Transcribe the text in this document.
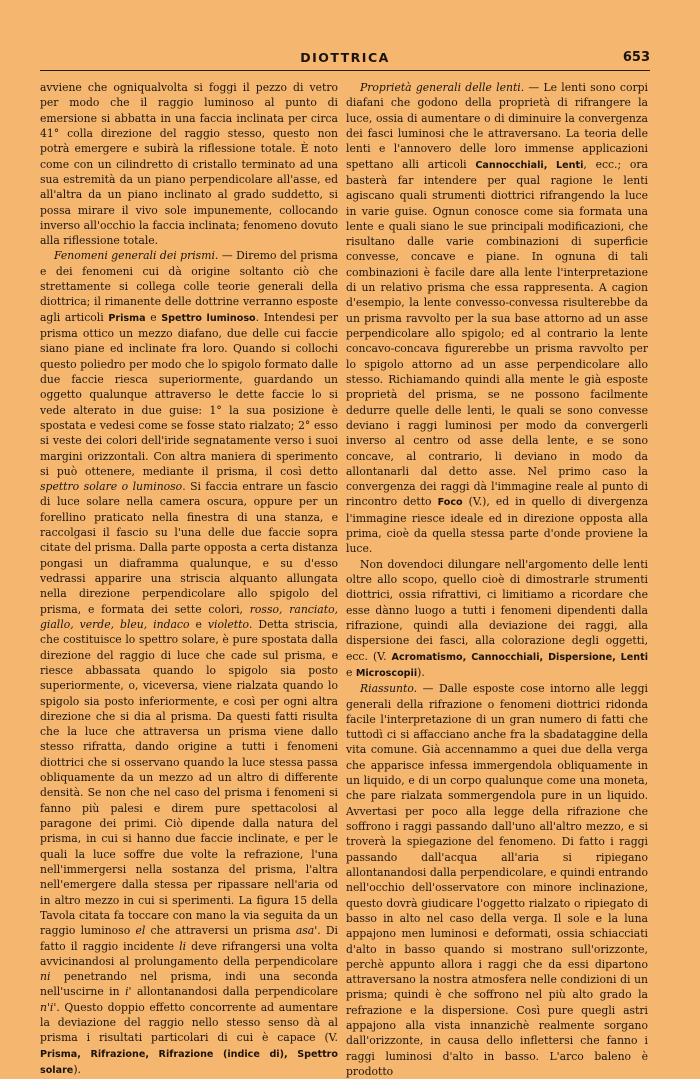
DIOTTRICA	653

avviene che ogniqualvolta si foggi il pezzo di vetro per modo che il raggio luminoso al punto di emersione si abbatta in una faccia inclinata per circa 41° colla direzione del raggio stesso, questo non potrà emergere e subirà la riflessione totale. È noto come con un cilindretto di cristallo terminato ad una sua estremità da un piano perpendicolare all'asse, ed all'altra da un piano inclinato al grado suddetto, si possa mirare il vivo sole impunemente, collocando inverso all'occhio la faccia inclinata; fenomeno dovuto alla riflessione totale.

Fenomeni generali dei prismi. — Diremo del prisma e dei fenomeni cui dà origine soltanto ciò che strettamente si collega colle teorie generali della diottrica; il rimanente delle dottrine verranno esposte agli articoli Prisma e Spettro luminoso. Intendesi per prisma ottico un mezzo diafano, due delle cui faccie siano piane ed inclinate fra loro. Quando si collochi questo poliedro per modo che lo spigolo formato dalle due faccie riesca superiormente, guardando un oggetto qualunque attraverso le dette faccie lo si vede alterato in due guise: 1° la sua posizione è spostata e vedesi come se fosse stato rialzato; 2° esso si veste dei colori dell'iride segnatamente verso i suoi margini orizzontali. Con altra maniera di sperimento si può ottenere, mediante il prisma, il così detto spettro solare o luminoso. Si faccia entrare un fascio di luce solare nella camera oscura, oppure per un forellino praticato nella finestra di una stanza, e raccolgasi il fascio su l'una delle due faccie sopra citate del prisma. Dalla parte opposta a certa distanza pongasi un diaframma qualunque, e su d'esso vedrassi apparire una striscia alquanto allungata nella direzione perpendicolare allo spigolo del prisma, e formata dei sette colori, rosso, ranciato, giallo, verde, bleu, indaco e violetto. Detta striscia, che costituisce lo spettro solare, è pure spostata dalla direzione del raggio di luce che cade sul prisma, e riesce abbassata quando lo spigolo sia posto superiormente, o, viceversa, viene rialzata quando lo spigolo sia posto inferiormente, e così per ogni altra direzione che si dia al prisma. Da questi fatti risulta che la luce che attraversa un prisma viene dallo stesso rifratta, dando origine a tutti i fenomeni diottrici che si osservano quando la luce stessa passa obliquamente da un mezzo ad un altro di differente densità. Se non che nel caso del prisma i fenomeni si fanno più palesi e direm pure spettacolosi al paragone dei primi. Ciò dipende dalla natura del prisma, in cui si hanno due faccie inclinate, e per le quali la luce soffre due volte la refrazione, l'una nell'immergersi nella sostanza del prisma, l'altra nell'emergere dalla stessa per ripassare nell'aria od in altro mezzo in cui si sperimenti. La figura 15 della Tavola citata fa toccare con mano la via seguita da un raggio luminoso el che attraversi un prisma asa'. Di fatto il raggio incidente li deve rifrangersi una volta avvicinandosi al prolungamento della perpendicolare ni penetrando nel prisma, indi una seconda nell'uscirne in i' allontanandosi dalla perpendicolare n'i'. Questo doppio effetto concorrente ad aumentare la deviazione del raggio nello stesso senso dà al prisma i risultati particolari di cui è capace (V. Prisma, Rifrazione, Rifrazione (indice di), Spettro solare).

Proprietà generali delle lenti. — Le lenti sono corpi diafani che godono della proprietà di rifrangere la luce, ossia di aumentare o di diminuire la convergenza dei fasci luminosi che le attraversano. La teoria delle lenti e l'annovero delle loro immense applicazioni spettano alli articoli Cannocchiali, Lenti, ecc.; ora basterà far intendere per qual ragione le lenti agiscano quali strumenti diottrici rifrangendo la luce in varie guise. Ognun conosce come sia formata una lente e quali siano le sue principali modificazioni, che risultano dalle varie combinazioni di superficie convesse, concave e piane. In ognuna di tali combinazioni è facile dare alla lente l'interpretazione di un relativo prisma che essa rappresenta. A cagion d'esempio, la lente convesso-convessa risulterebbe da un prisma ravvolto per la sua base attorno ad un asse perpendicolare allo spigolo; ed al contrario la lente concavo-concava figurerebbe un prisma ravvolto per lo spigolo attorno ad un asse perpendicolare allo stesso. Richiamando quindi alla mente le già esposte proprietà del prisma, se ne possono facilmente dedurre quelle delle lenti, le quali se sono convesse deviano i raggi luminosi per modo da convergerli inverso al centro od asse della lente, e se sono concave, al contrario, li deviano in modo da allontanarli dal detto asse. Nel primo caso la convergenza dei raggi dà l'immagine reale al punto di rincontro detto Foco (V.), ed in quello di divergenza l'immagine riesce ideale ed in direzione opposta alla prima, cioè da quella stessa parte d'onde proviene la luce.

Non dovendoci dilungare nell'argomento delle lenti oltre allo scopo, quello cioè di dimostrarle strumenti diottrici, ossia rifrattivi, ci limitiamo a ricordare che esse dànno luogo a tutti i fenomeni dipendenti dalla rifrazione, quindi alla deviazione dei raggi, alla dispersione dei fasci, alla colorazione degli oggetti, ecc. (V. Acromatismo, Cannocchiali, Dispersione, Lenti e Microscopii).

Riassunto. — Dalle esposte cose intorno alle leggi generali della rifrazione o fenomeni diottrici ridonda facile l'interpretazione di un gran numero di fatti che tuttodì ci si affacciano anche fra la sbadataggine della vita comune. Già accennammo a quei due della verga che apparisce infessa immergendola obliquamente in un liquido, e di un corpo qualunque come una moneta, che pare rialzata sommergendola pure in un liquido. Avvertasi per poco alla legge della rifrazione che soffrono i raggi passando dall'uno all'altro mezzo, e si troverà la spiegazione del fenomeno. Di fatto i raggi passando dall'acqua all'aria si ripiegano allontanandosi dalla perpendicolare, e quindi entrando nell'occhio dell'osservatore con minore inclinazione, questo dovrà giudicare l'oggetto rialzato o ripiegato di basso in alto nel caso della verga. Il sole e la luna appajono men luminosi e deformati, ossia schiacciati d'alto in basso quando si mostrano sull'orizzonte, perchè appunto allora i raggi che da essi dipartono attraversano la nostra atmosfera nelle condizioni di un prisma; quindi è che soffrono nel più alto grado la refrazione e la dispersione. Così pure quegli astri appajono alla vista innanzichè realmente sorgano dall'orizzonte, in causa dello inflettersi che fanno i raggi luminosi d'alto in basso. L'arco baleno è prodotto
